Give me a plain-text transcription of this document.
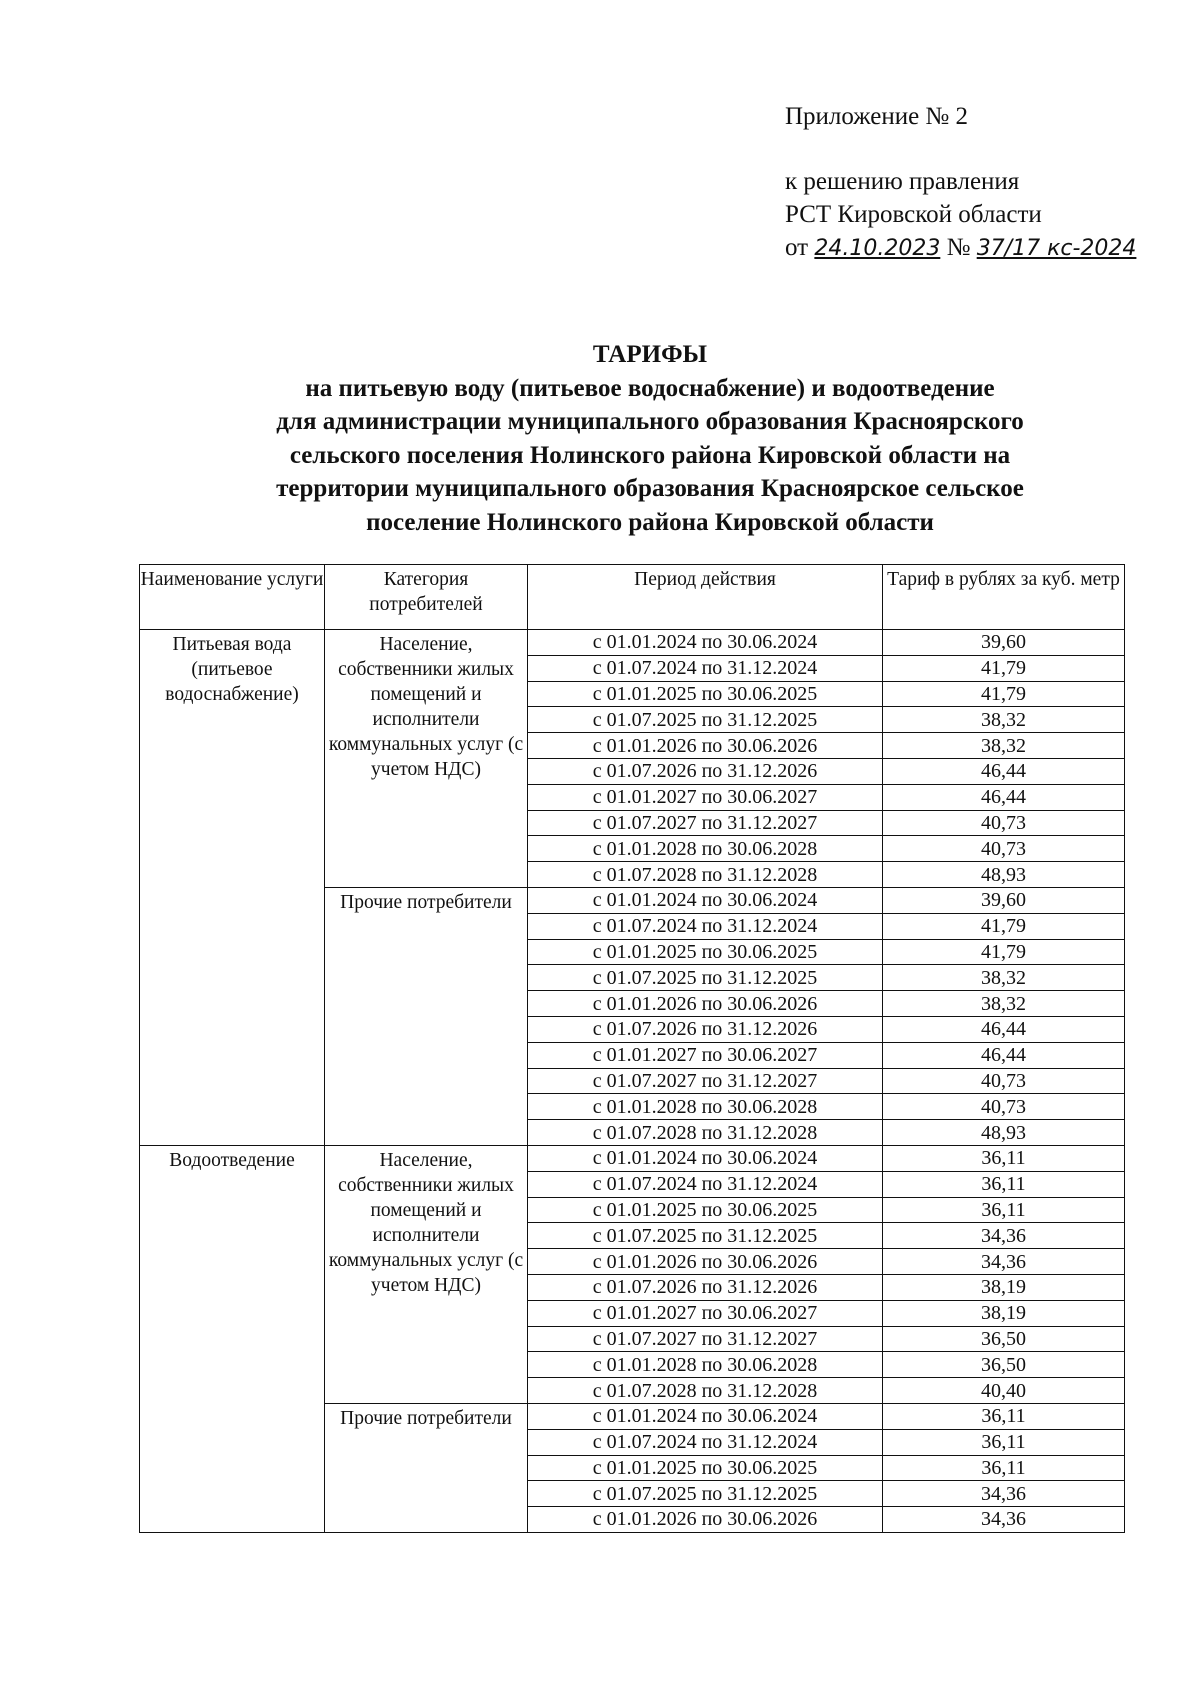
Приложение № 2
к решению правления
РСТ Кировской области
от 24.10.2023 № 37/17 кс-2024
ТАРИФЫ
на питьевую воду (питьевое водоснабжение) и водоотведение
для администрации муниципального образования Красноярского
сельского поселения Нолинского района Кировской области на
территории муниципального образования Красноярское сельское
поселение Нолинского района Кировской области
Наименование услуги	Категория потребителей	Период действия	Тариф в рублях за куб. метр
Питьевая вода (питьевое водоснабжение)	Население, собственники жилых помещений и исполнители коммунальных услуг (с учетом НДС)	с 01.01.2024 по 30.06.2024	39,60
		с 01.07.2024 по 31.12.2024	41,79
		с 01.01.2025 по 30.06.2025	41,79
		с 01.07.2025 по 31.12.2025	38,32
		с 01.01.2026 по 30.06.2026	38,32
		с 01.07.2026 по 31.12.2026	46,44
		с 01.01.2027 по 30.06.2027	46,44
		с 01.07.2027 по 31.12.2027	40,73
		с 01.01.2028 по 30.06.2028	40,73
		с 01.07.2028 по 31.12.2028	48,93
	Прочие потребители	с 01.01.2024 по 30.06.2024	39,60
		с 01.07.2024 по 31.12.2024	41,79
		с 01.01.2025 по 30.06.2025	41,79
		с 01.07.2025 по 31.12.2025	38,32
		с 01.01.2026 по 30.06.2026	38,32
		с 01.07.2026 по 31.12.2026	46,44
		с 01.01.2027 по 30.06.2027	46,44
		с 01.07.2027 по 31.12.2027	40,73
		с 01.01.2028 по 30.06.2028	40,73
		с 01.07.2028 по 31.12.2028	48,93
Водоотведение	Население, собственники жилых помещений и исполнители коммунальных услуг (с учетом НДС)	с 01.01.2024 по 30.06.2024	36,11
		с 01.07.2024 по 31.12.2024	36,11
		с 01.01.2025 по 30.06.2025	36,11
		с 01.07.2025 по 31.12.2025	34,36
		с 01.01.2026 по 30.06.2026	34,36
		с 01.07.2026 по 31.12.2026	38,19
		с 01.01.2027 по 30.06.2027	38,19
		с 01.07.2027 по 31.12.2027	36,50
		с 01.01.2028 по 30.06.2028	36,50
		с 01.07.2028 по 31.12.2028	40,40
	Прочие потребители	с 01.01.2024 по 30.06.2024	36,11
		с 01.07.2024 по 31.12.2024	36,11
		с 01.01.2025 по 30.06.2025	36,11
		с 01.07.2025 по 31.12.2025	34,36
		с 01.01.2026 по 30.06.2026	34,36
